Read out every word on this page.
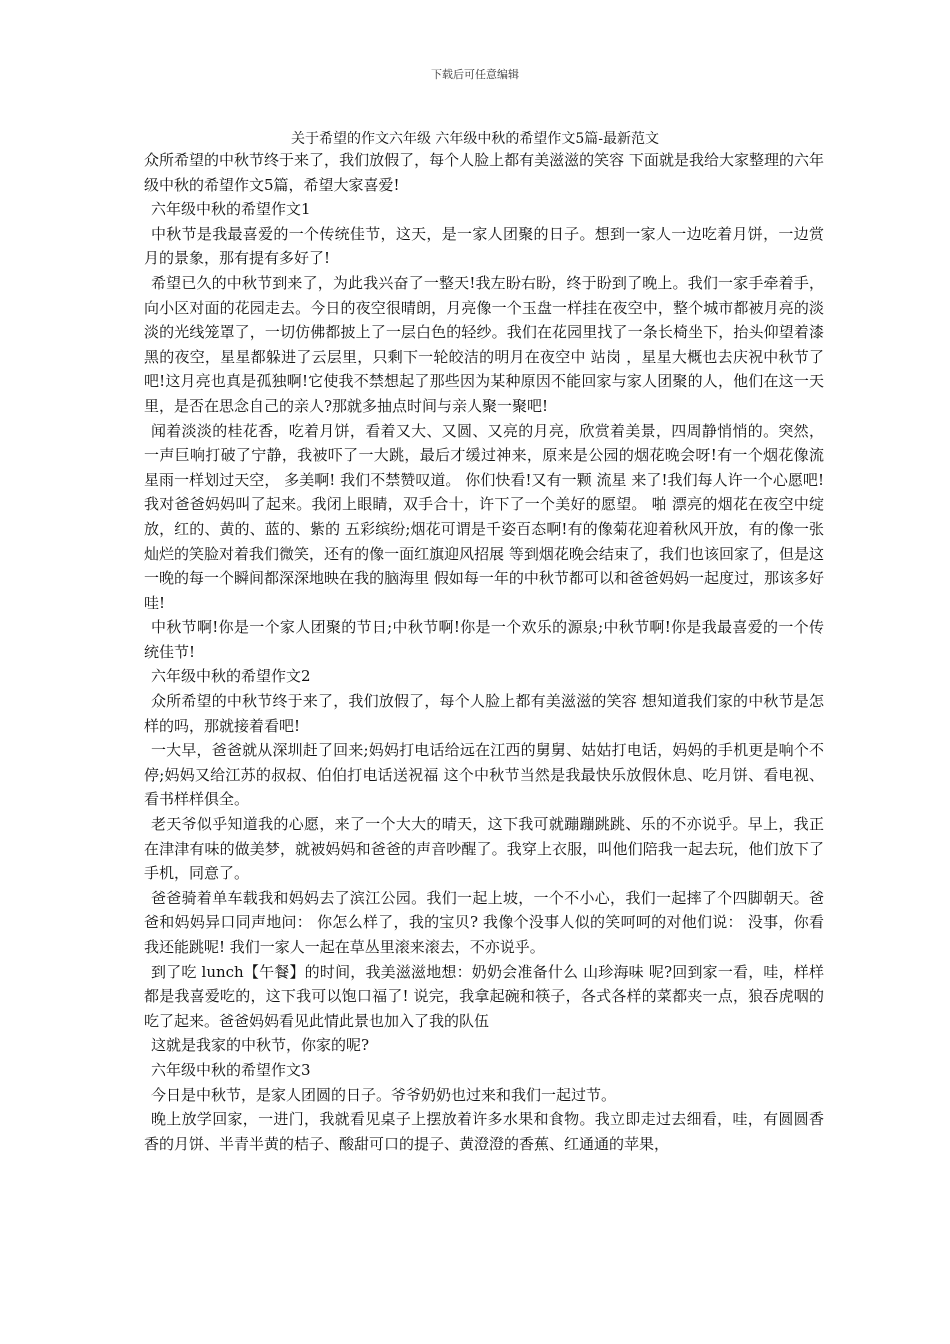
下载后可任意编辑
关于希望的作文六年级 六年级中秋的希望作文5篇-最新范文

众所希望的中秋节终于来了，我们放假了，每个人脸上都有美滋滋的笑容 下面就是我给大家整理的六年级中秋的希望作文5篇，希望大家喜爱!

六年级中秋的希望作文1

中秋节是我最喜爱的一个传统佳节，这天，是一家人团聚的日子。想到一家人一边吃着月饼，一边赏月的景象，那有提有多好了!

希望已久的中秋节到来了，为此我兴奋了一整天!我左盼右盼，终于盼到了晚上。我们一家手牵着手，向小区对面的花园走去。今日的夜空很晴朗，月亮像一个玉盘一样挂在夜空中，整个城市都被月亮的淡淡的光线笼罩了，一切仿佛都披上了一层白色的轻纱。我们在花园里找了一条长椅坐下，抬头仰望着漆黑的夜空，星星都躲进了云层里，只剩下一轮皎洁的明月在夜空中 站岗 ，星星大概也去庆祝中秋节了吧!这月亮也真是孤独啊!它使我不禁想起了那些因为某种原因不能回家与家人团聚的人，他们在这一天里，是否在思念自己的亲人?那就多抽点时间与亲人聚一聚吧!

闻着淡淡的桂花香，吃着月饼，看着又大、又圆、又亮的月亮，欣赏着美景，四周静悄悄的。突然，一声巨响打破了宁静，我被吓了一大跳，最后才缓过神来，原来是公园的烟花晚会呀!有一个烟花像流星雨一样划过天空， 多美啊! 我们不禁赞叹道。 你们快看!又有一颗 流星 来了!我们每人许一个心愿吧! 我对爸爸妈妈叫了起来。我闭上眼睛，双手合十，许下了一个美好的愿望。 啪 漂亮的烟花在夜空中绽放，红的、黄的、蓝的、紫的 五彩缤纷;烟花可谓是千姿百态啊!有的像菊花迎着秋风开放，有的像一张灿烂的笑脸对着我们微笑，还有的像一面红旗迎风招展 等到烟花晚会结束了，我们也该回家了，但是这一晚的每一个瞬间都深深地映在我的脑海里 假如每一年的中秋节都可以和爸爸妈妈一起度过，那该多好哇!

中秋节啊!你是一个家人团聚的节日;中秋节啊!你是一个欢乐的源泉;中秋节啊!你是我最喜爱的一个传统佳节!

六年级中秋的希望作文2

众所希望的中秋节终于来了，我们放假了，每个人脸上都有美滋滋的笑容 想知道我们家的中秋节是怎样的吗，那就接着看吧!

一大早，爸爸就从深圳赶了回来;妈妈打电话给远在江西的舅舅、姑姑打电话，妈妈的手机更是响个不停;妈妈又给江苏的叔叔、伯伯打电话送祝福 这个中秋节当然是我最快乐放假休息、吃月饼、看电视、看书样样俱全。

老天爷似乎知道我的心愿，来了一个大大的晴天，这下我可就蹦蹦跳跳、乐的不亦说乎。早上，我正在津津有味的做美梦，就被妈妈和爸爸的声音吵醒了。我穿上衣服，叫他们陪我一起去玩，他们放下了手机，同意了。

爸爸骑着单车载我和妈妈去了滨江公园。我们一起上坡，一个不小心，我们一起摔了个四脚朝天。爸爸和妈妈异口同声地问： 你怎么样了，我的宝贝? 我像个没事人似的笑呵呵的对他们说： 没事，你看我还能跳呢! 我们一家人一起在草丛里滚来滚去，不亦说乎。

到了吃 lunch【午餐】的时间，我美滋滋地想：奶奶会准备什么 山珍海味 呢?回到家一看，哇，样样都是我喜爱吃的，这下我可以饱口福了! 说完，我拿起碗和筷子，各式各样的菜都夹一点，狼吞虎咽的吃了起来。爸爸妈妈看见此情此景也加入了我的队伍

这就是我家的中秋节，你家的呢?

六年级中秋的希望作文3

今日是中秋节，是家人团圆的日子。爷爷奶奶也过来和我们一起过节。

晚上放学回家，一进门，我就看见桌子上摆放着许多水果和食物。我立即走过去细看，哇，有圆圆香香的月饼、半青半黄的桔子、酸甜可口的提子、黄澄澄的香蕉、红通通的苹果，
